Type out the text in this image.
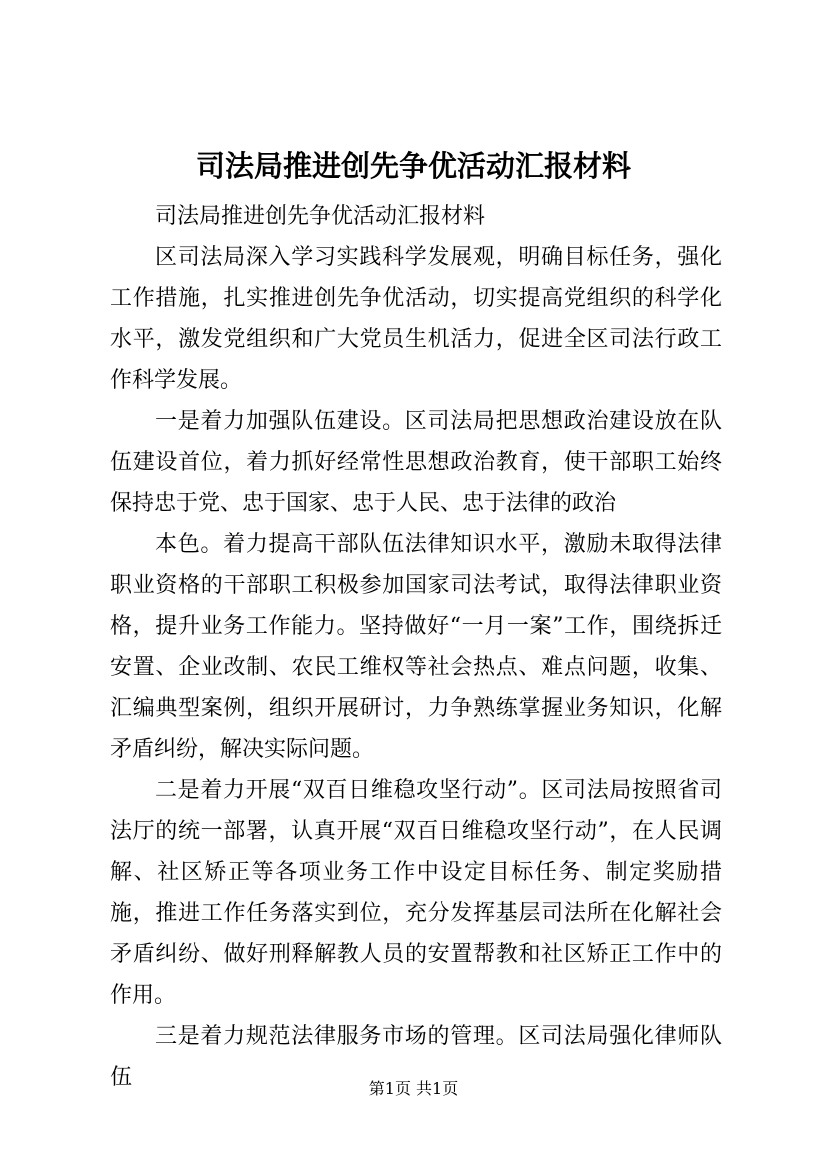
司法局推进创先争优活动汇报材料

司法局推进创先争优活动汇报材料

区司法局深入学习实践科学发展观，明确目标任务，强化工作措施，扎实推进创先争优活动，切实提高党组织的科学化水平，激发党组织和广大党员生机活力，促进全区司法行政工作科学发展。

一是着力加强队伍建设。区司法局把思想政治建设放在队伍建设首位，着力抓好经常性思想政治教育，使干部职工始终保持忠于党、忠于国家、忠于人民、忠于法律的政治

本色。着力提高干部队伍法律知识水平，激励未取得法律职业资格的干部职工积极参加国家司法考试，取得法律职业资格，提升业务工作能力。坚持做好“一月一案”工作，围绕拆迁安置、企业改制、农民工维权等社会热点、难点问题，收集、汇编典型案例，组织开展研讨，力争熟练掌握业务知识，化解矛盾纠纷，解决实际问题。

二是着力开展“双百日维稳攻坚行动”。区司法局按照省司法厅的统一部署，认真开展“双百日维稳攻坚行动”，在人民调解、社区矫正等各项业务工作中设定目标任务、制定奖励措施，推进工作任务落实到位，充分发挥基层司法所在化解社会矛盾纠纷、做好刑释解教人员的安置帮教和社区矫正工作中的作用。

三是着力规范法律服务市场的管理。区司法局强化律师队伍	第1页 共1页
